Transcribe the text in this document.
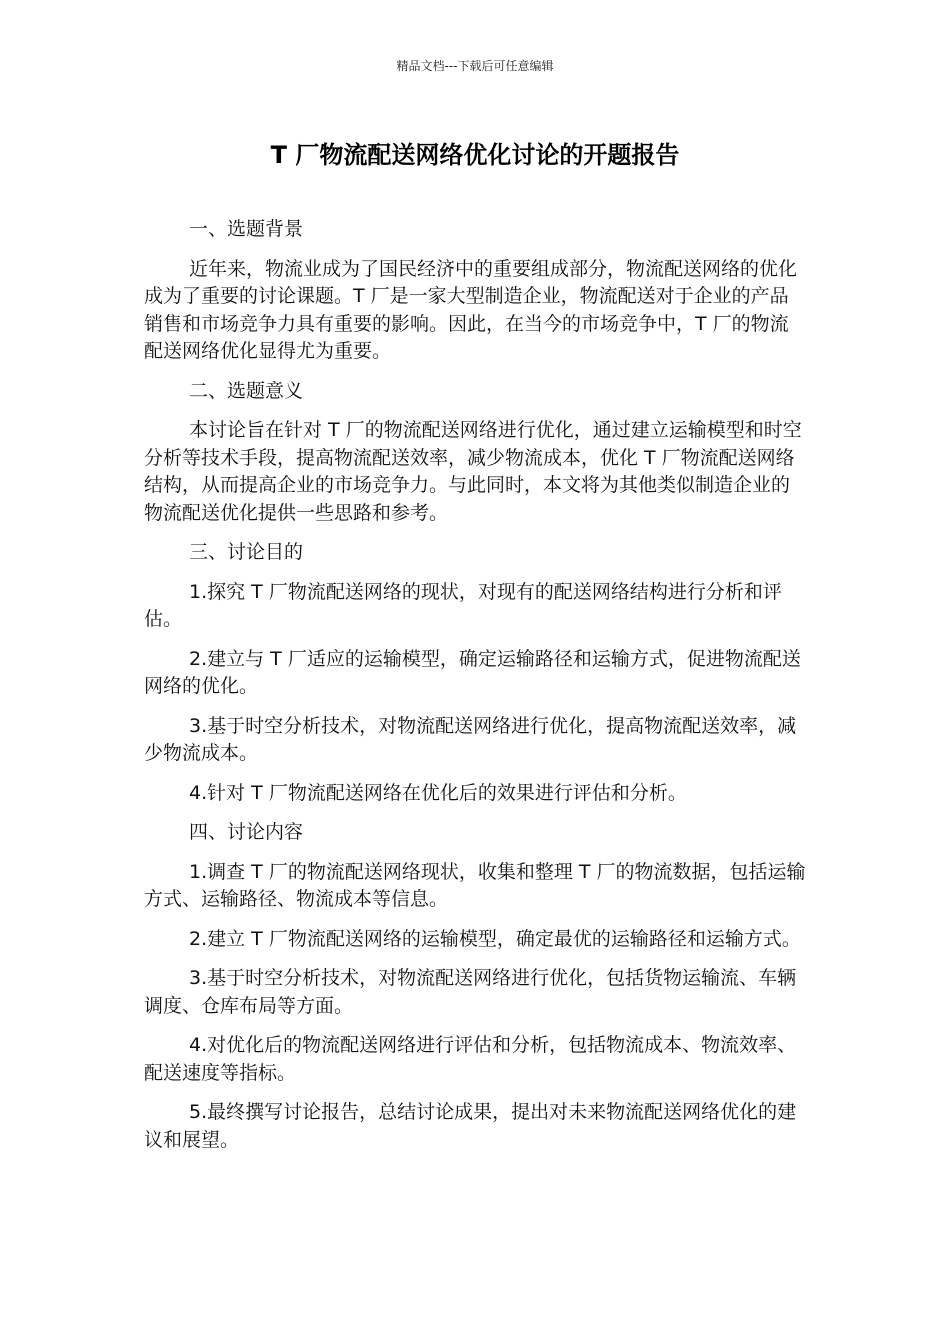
精品文档---下载后可任意编辑
T 厂物流配送网络优化讨论的开题报告

一、选题背景

近年来，物流业成为了国民经济中的重要组成部分，物流配送网络的优化成为了重要的讨论课题。T 厂是一家大型制造企业，物流配送对于企业的产品销售和市场竞争力具有重要的影响。因此，在当今的市场竞争中，T 厂的物流配送网络优化显得尤为重要。

二、选题意义

本讨论旨在针对 T 厂的物流配送网络进行优化，通过建立运输模型和时空分析等技术手段，提高物流配送效率，减少物流成本，优化 T 厂物流配送网络结构，从而提高企业的市场竞争力。与此同时，本文将为其他类似制造企业的物流配送优化提供一些思路和参考。

三、讨论目的

1.探究 T 厂物流配送网络的现状，对现有的配送网络结构进行分析和评估。

2.建立与 T 厂适应的运输模型，确定运输路径和运输方式，促进物流配送网络的优化。

3.基于时空分析技术，对物流配送网络进行优化，提高物流配送效率，减少物流成本。

4.针对 T 厂物流配送网络在优化后的效果进行评估和分析。

四、讨论内容

1.调查 T 厂的物流配送网络现状，收集和整理 T 厂的物流数据，包括运输方式、运输路径、物流成本等信息。

2.建立 T 厂物流配送网络的运输模型，确定最优的运输路径和运输方式。

3.基于时空分析技术，对物流配送网络进行优化，包括货物运输流、车辆调度、仓库布局等方面。

4.对优化后的物流配送网络进行评估和分析，包括物流成本、物流效率、配送速度等指标。

5.最终撰写讨论报告，总结讨论成果，提出对未来物流配送网络优化的建议和展望。
